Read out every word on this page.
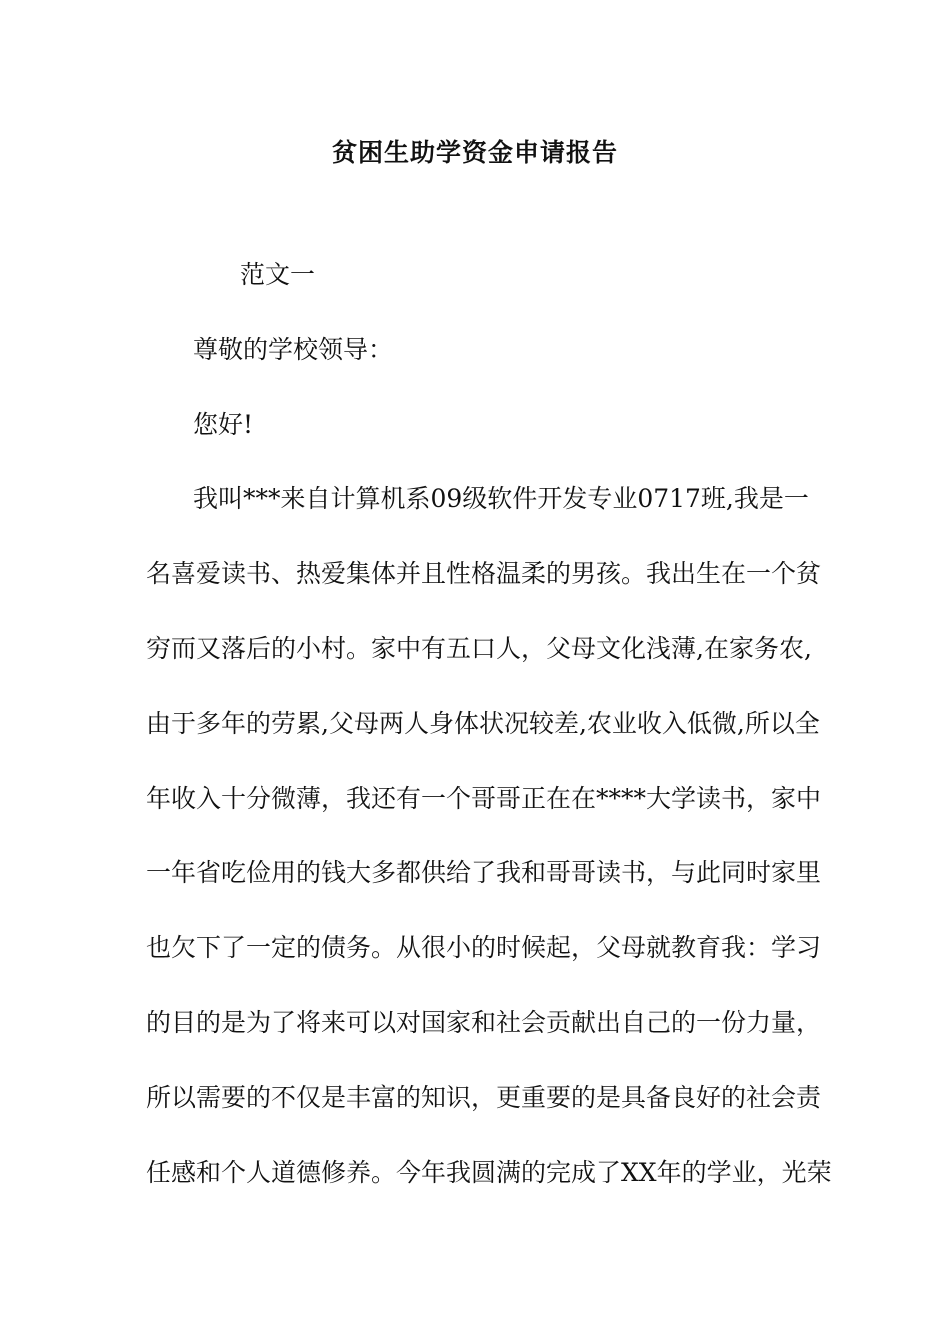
贫困生助学资金申请报告
范文一
尊敬的学校领导：
您好!
我叫***来自计算机系09级软件开发专业0717班,我是一
名喜爱读书、热爱集体并且性格温柔的男孩。我出生在一个贫
穷而又落后的小村。家中有五口人，父母文化浅薄,在家务农,
由于多年的劳累,父母两人身体状况较差,农业收入低微,所以全
年收入十分微薄，我还有一个哥哥正在在****大学读书，家中
一年省吃俭用的钱大多都供给了我和哥哥读书，与此同时家里
也欠下了一定的债务。从很小的时候起，父母就教育我：学习
的目的是为了将来可以对国家和社会贡献出自己的一份力量，
所以需要的不仅是丰富的知识，更重要的是具备良好的社会责
任感和个人道德修养。今年我圆满的完成了XX年的学业，光荣
